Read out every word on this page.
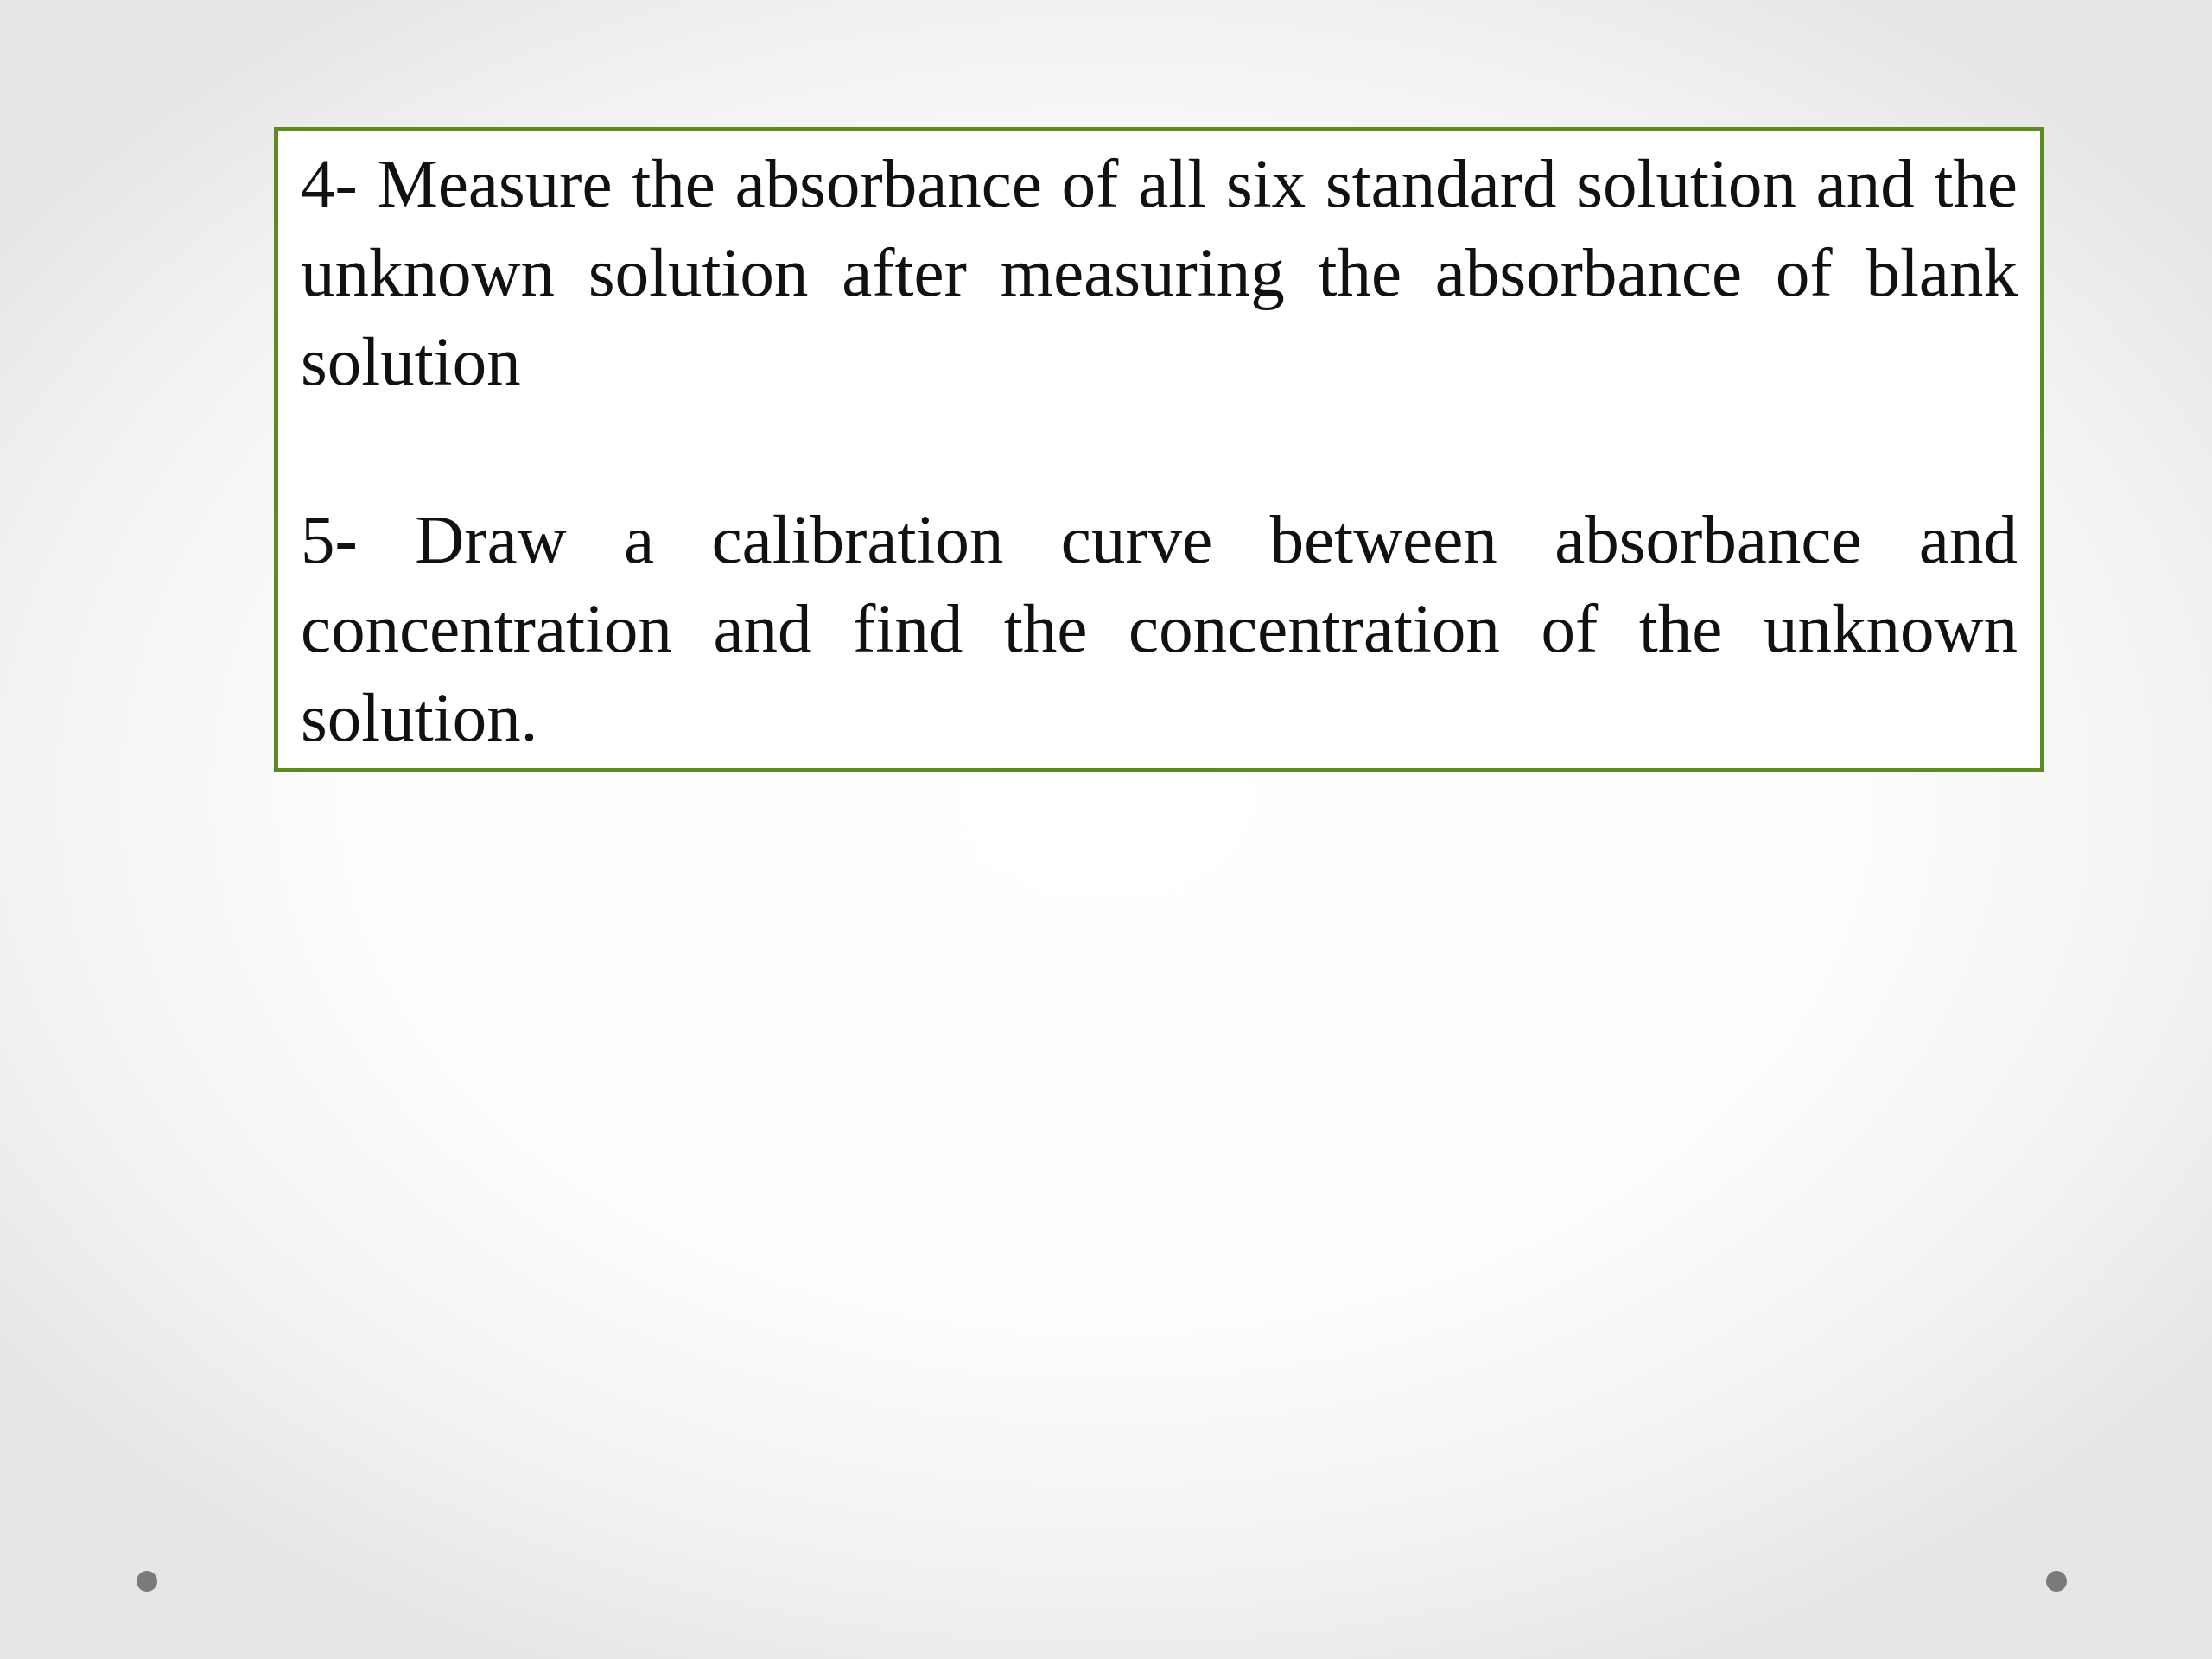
4- Measure the absorbance of all six standard solution and the unknown solution after measuring the absorbance of blank solution

5- Draw a calibration curve between absorbance and concentration and find the concentration of the unknown solution.
